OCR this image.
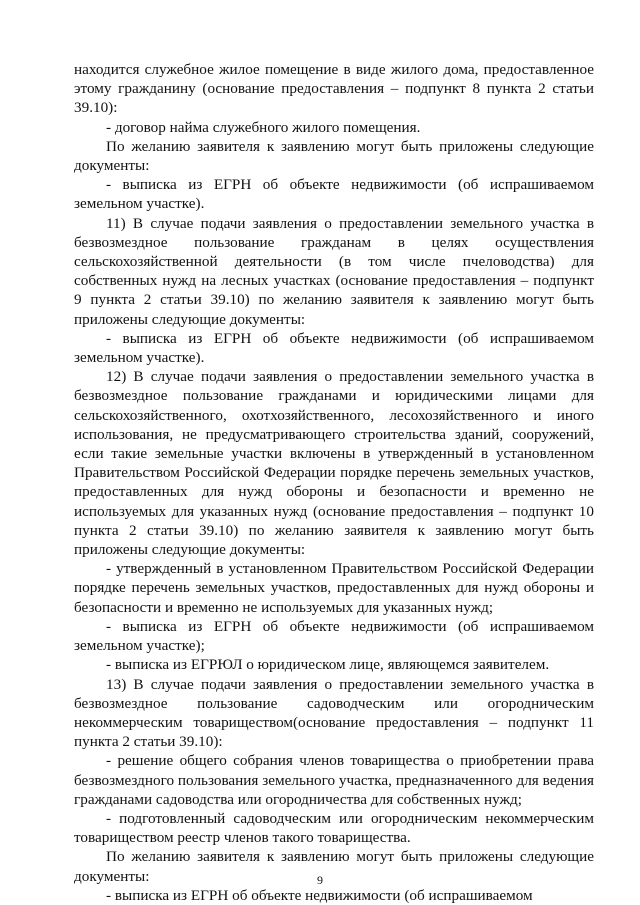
находится служебное жилое помещение в виде жилого дома, предоставленное этому гражданину (основание предоставления – подпункт 8 пункта 2 статьи 39.10):

- договор найма служебного жилого помещения.

По желанию заявителя к заявлению могут быть приложены следующие документы:

- выписка из ЕГРН об объекте недвижимости (об испрашиваемом земельном участке).

11) В случае подачи заявления о предоставлении земельного участка в безвозмездное пользование гражданам в целях осуществления сельскохозяйственной деятельности (в том числе пчеловодства) для собственных нужд на лесных участках (основание предоставления – подпункт 9 пункта 2 статьи 39.10) по желанию заявителя к заявлению могут быть приложены следующие документы:

- выписка из ЕГРН об объекте недвижимости (об испрашиваемом земельном участке).

12) В случае подачи заявления о предоставлении земельного участка в безвозмездное пользование гражданами и юридическими лицами для сельскохозяйственного, охотхозяйственного, лесохозяйственного и иного использования, не предусматривающего строительства зданий, сооружений, если такие земельные участки включены в утвержденный в установленном Правительством Российской Федерации порядке перечень земельных участков, предоставленных для нужд обороны и безопасности и временно не используемых для указанных нужд (основание предоставления – подпункт 10 пункта 2 статьи 39.10) по желанию заявителя к заявлению могут быть приложены следующие документы:

- утвержденный в установленном Правительством Российской Федерации порядке перечень земельных участков, предоставленных для нужд обороны и безопасности и временно не используемых для указанных нужд;

- выписка из ЕГРН об объекте недвижимости (об испрашиваемом земельном участке);

- выписка из ЕГРЮЛ о юридическом лице, являющемся заявителем.

13) В случае подачи заявления о предоставлении земельного участка в безвозмездное пользование садоводческим или огородническим некоммерческим товариществом(основание предоставления – подпункт 11 пункта 2 статьи 39.10):

- решение общего собрания членов товарищества о приобретении права безвозмездного пользования земельного участка, предназначенного для ведения гражданами садоводства или огородничества для собственных нужд;

- подготовленный садоводческим или огородническим некоммерческим товариществом реестр членов такого товарищества.

По желанию заявителя к заявлению могут быть приложены следующие документы:

- выписка из ЕГРН об объекте недвижимости (об испрашиваемом

9
